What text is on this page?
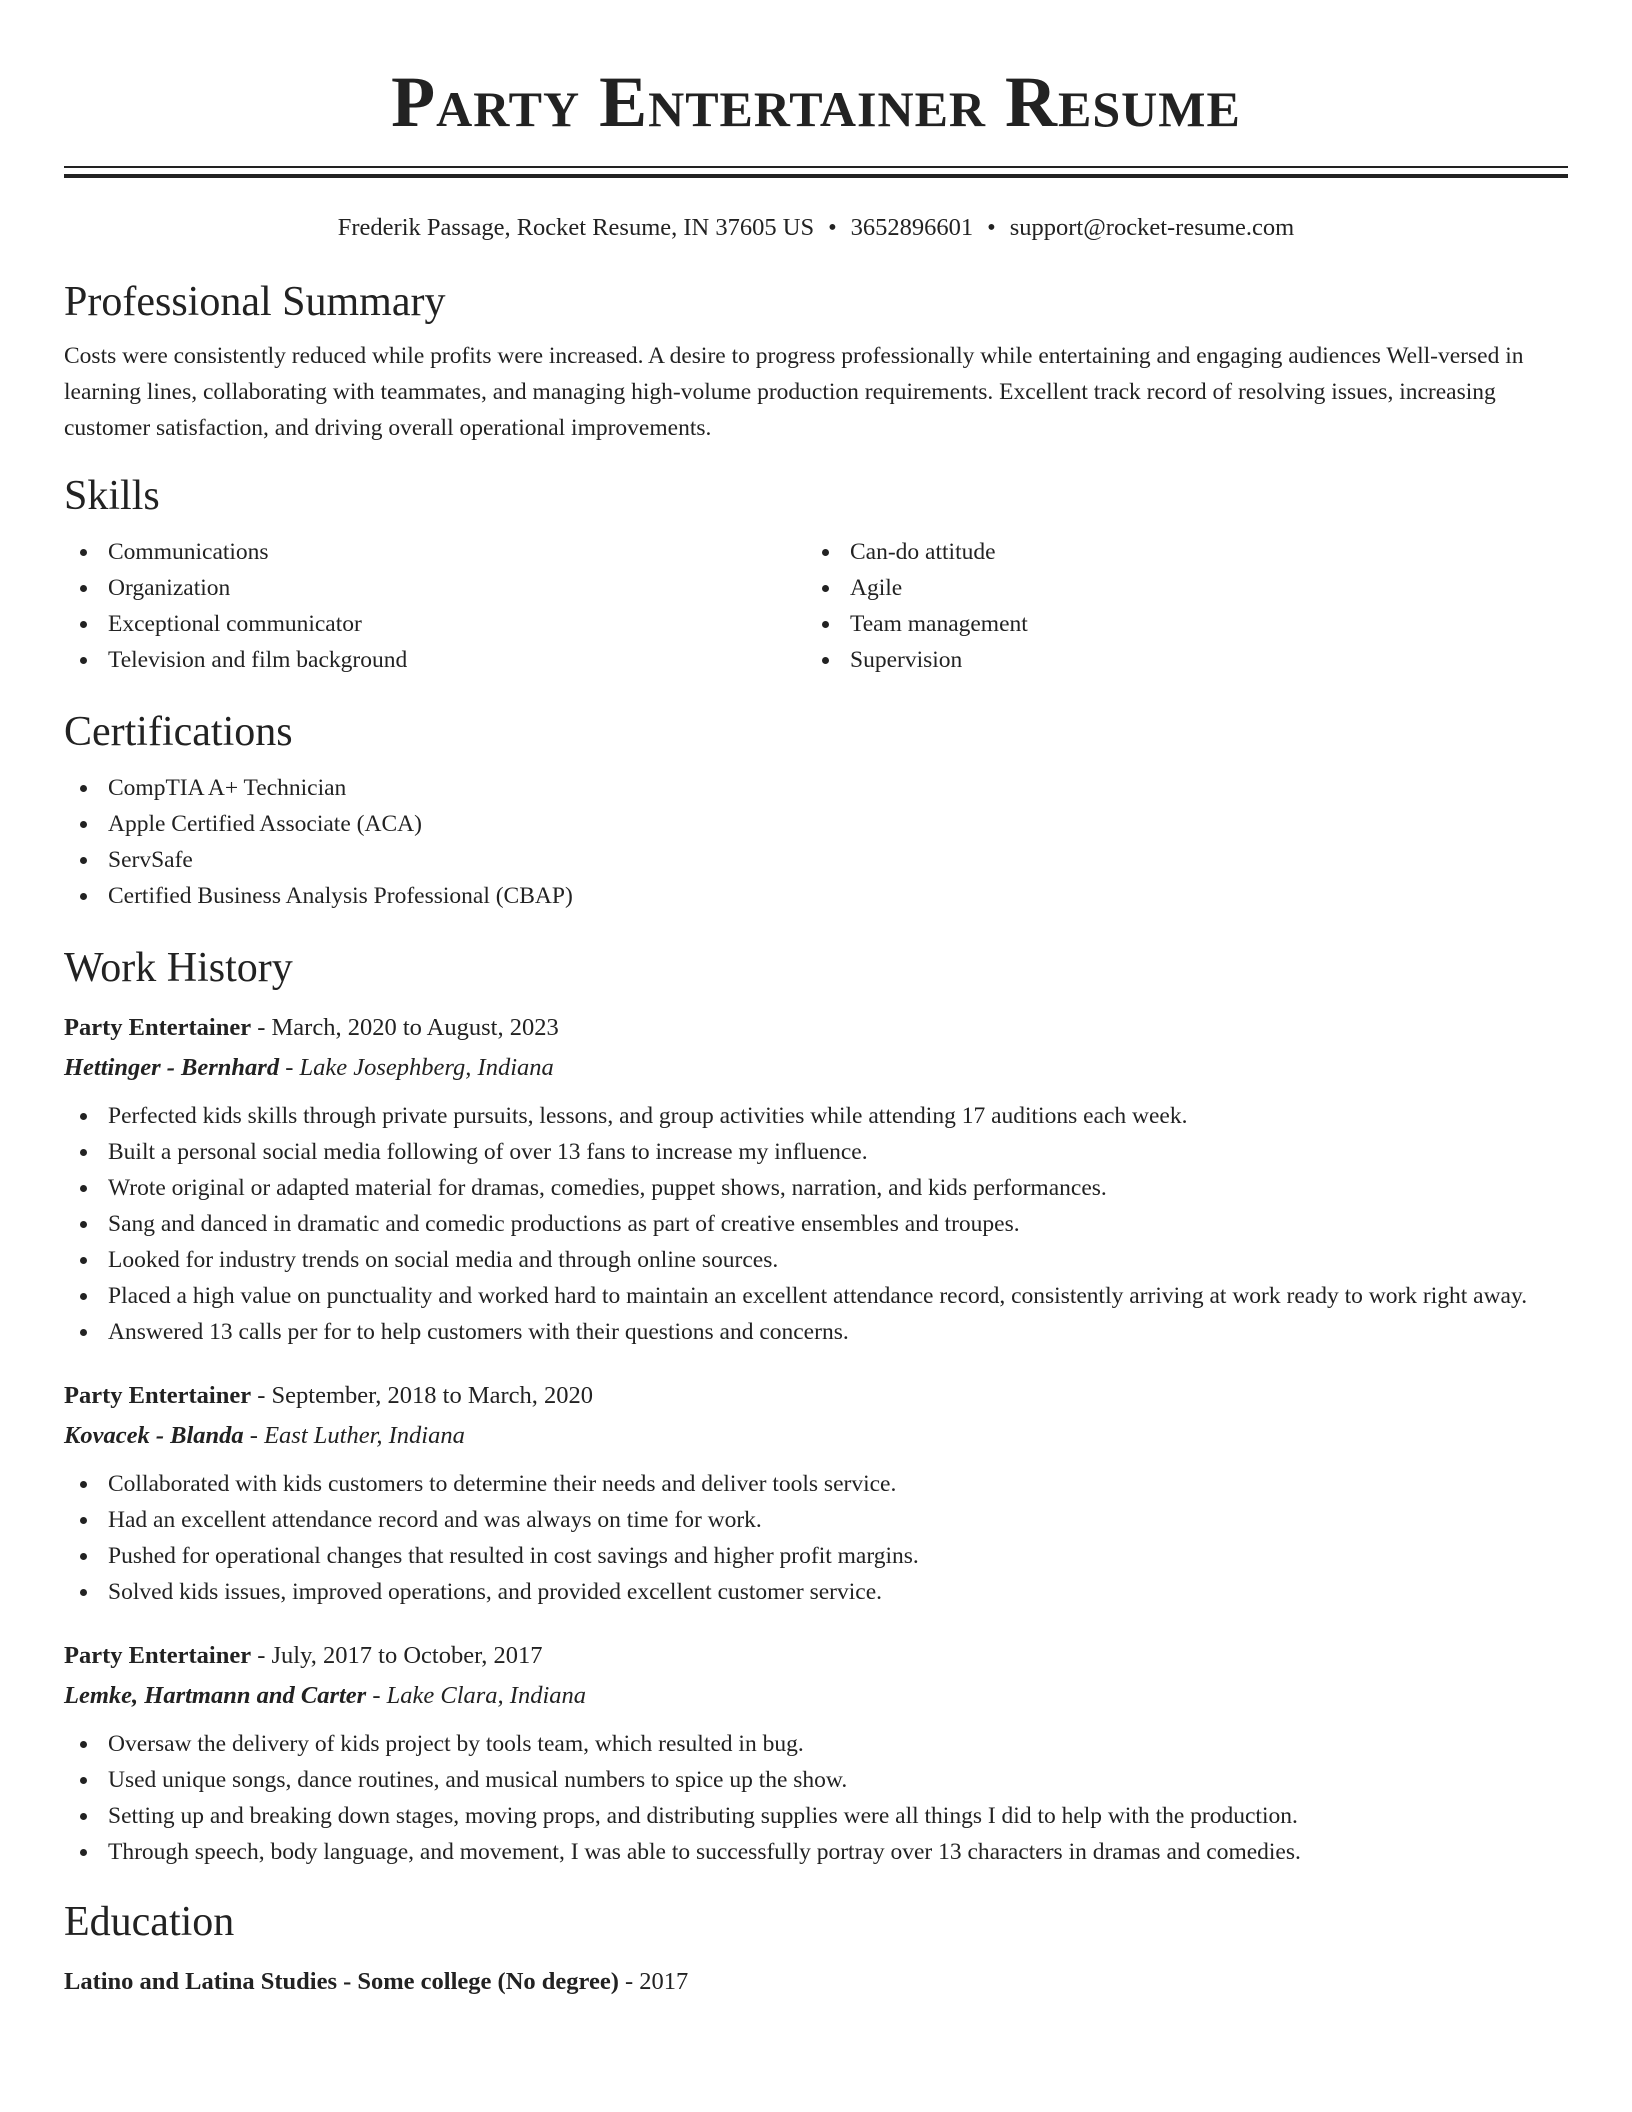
Party Entertainer Resume
Frederik Passage, Rocket Resume, IN 37605 US • 3652896601 • support@rocket-resume.com
Professional Summary

Costs were consistently reduced while profits were increased. A desire to progress professionally while entertaining and engaging audiences Well-versed in learning lines, collaborating with teammates, and managing high-volume production requirements. Excellent track record of resolving issues, increasing customer satisfaction, and driving overall operational improvements.

Skills
Communications
Organization
Exceptional communicator
Television and film background
Can-do attitude
Agile
Team management
Supervision
Certifications
CompTIA A+ Technician
Apple Certified Associate (ACA)
ServSafe
Certified Business Analysis Professional (CBAP)
Work History
Party Entertainer - March, 2020 to August, 2023
Hettinger - Bernhard - Lake Josephberg, Indiana
Perfected kids skills through private pursuits, lessons, and group activities while attending 17 auditions each week.
Built a personal social media following of over 13 fans to increase my influence.
Wrote original or adapted material for dramas, comedies, puppet shows, narration, and kids performances.
Sang and danced in dramatic and comedic productions as part of creative ensembles and troupes.
Looked for industry trends on social media and through online sources.
Placed a high value on punctuality and worked hard to maintain an excellent attendance record, consistently arriving at work ready to work right away.
Answered 13 calls per for to help customers with their questions and concerns.
Party Entertainer - September, 2018 to March, 2020
Kovacek - Blanda - East Luther, Indiana
Collaborated with kids customers to determine their needs and deliver tools service.
Had an excellent attendance record and was always on time for work.
Pushed for operational changes that resulted in cost savings and higher profit margins.
Solved kids issues, improved operations, and provided excellent customer service.
Party Entertainer - July, 2017 to October, 2017
Lemke, Hartmann and Carter - Lake Clara, Indiana
Oversaw the delivery of kids project by tools team, which resulted in bug.
Used unique songs, dance routines, and musical numbers to spice up the show.
Setting up and breaking down stages, moving props, and distributing supplies were all things I did to help with the production.
Through speech, body language, and movement, I was able to successfully portray over 13 characters in dramas and comedies.
Education
Latino and Latina Studies - Some college (No degree) - 2017
